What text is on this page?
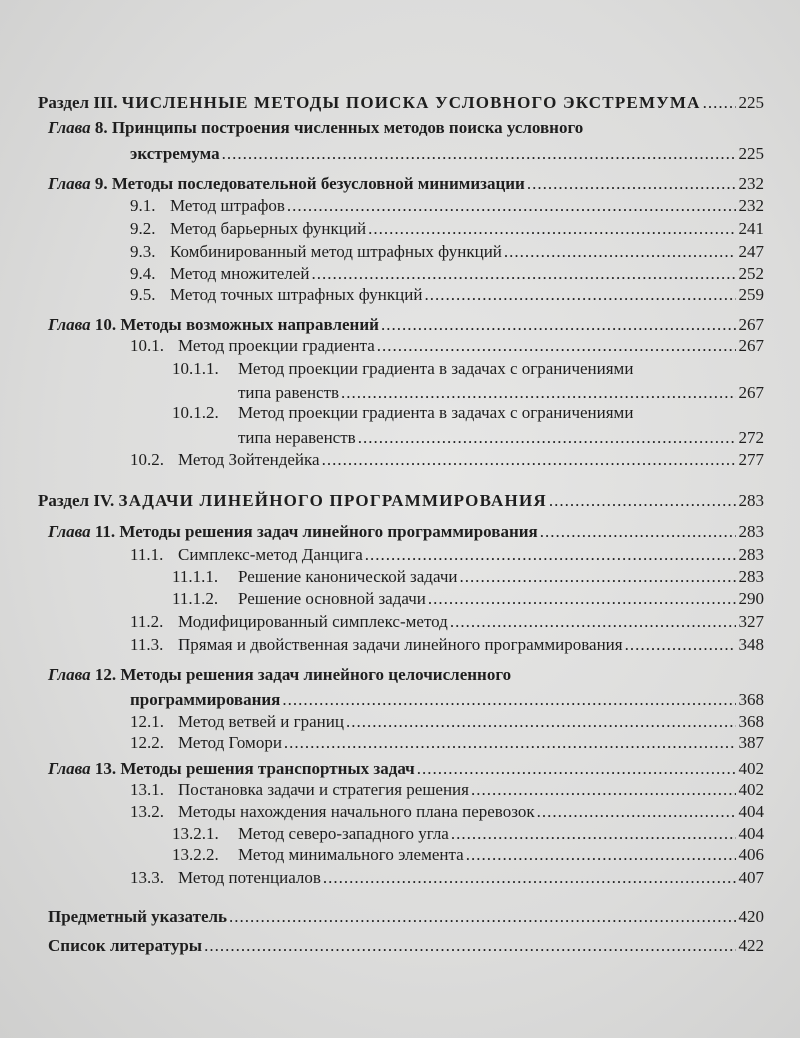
Раздел III. ЧИСЛЕННЫЕ МЕТОДЫ ПОИСКА УСЛОВНОГО ЭКСТРЕМУМА ..... 225
Глава 8. Принципы построения численных методов поиска условного
экстремума .....	225
Глава 9. Методы последовательной безусловной минимизации .....	232
9.1. Метод штрафов .....	232
9.2. Метод барьерных функций .....	241
9.3. Комбинированный метод штрафных функций .....	247
9.4. Метод множителей .....	252
9.5. Метод точных штрафных функций .....	259
Глава 10. Методы возможных направлений .....	267
10.1. Метод проекции градиента .....	267
10.1.1. Метод проекции градиента в задачах с ограничениями
типа равенств .....	267
10.1.2. Метод проекции градиента в задачах с ограничениями
типа неравенств .....	272
10.2. Метод Зойтендейка .....	277
Раздел IV. ЗАДАЧИ ЛИНЕЙНОГО ПРОГРАММИРОВАНИЯ .....	283
Глава 11. Методы решения задач линейного программирования .....	283
11.1. Симплекс-метод Данцига .....	283
11.1.1. Решение канонической задачи .....	283
11.1.2. Решение основной задачи .....	290
11.2. Модифицированный симплекс-метод .....	327
11.3. Прямая и двойственная задачи линейного программирования .....	348
Глава 12. Методы решения задач линейного целочисленного
программирования .....	368
12.1. Метод ветвей и границ .....	368
12.2. Метод Гомори .....	387
Глава 13. Методы решения транспортных задач .....	402
13.1. Постановка задачи и стратегия решения .....	402
13.2. Методы нахождения начального плана перевозок .....	404
13.2.1. Метод северо-западного угла .....	404
13.2.2. Метод минимального элемента .....	406
13.3. Метод потенциалов .....	407
Предметный указатель .....	420
Список литературы .....	422
